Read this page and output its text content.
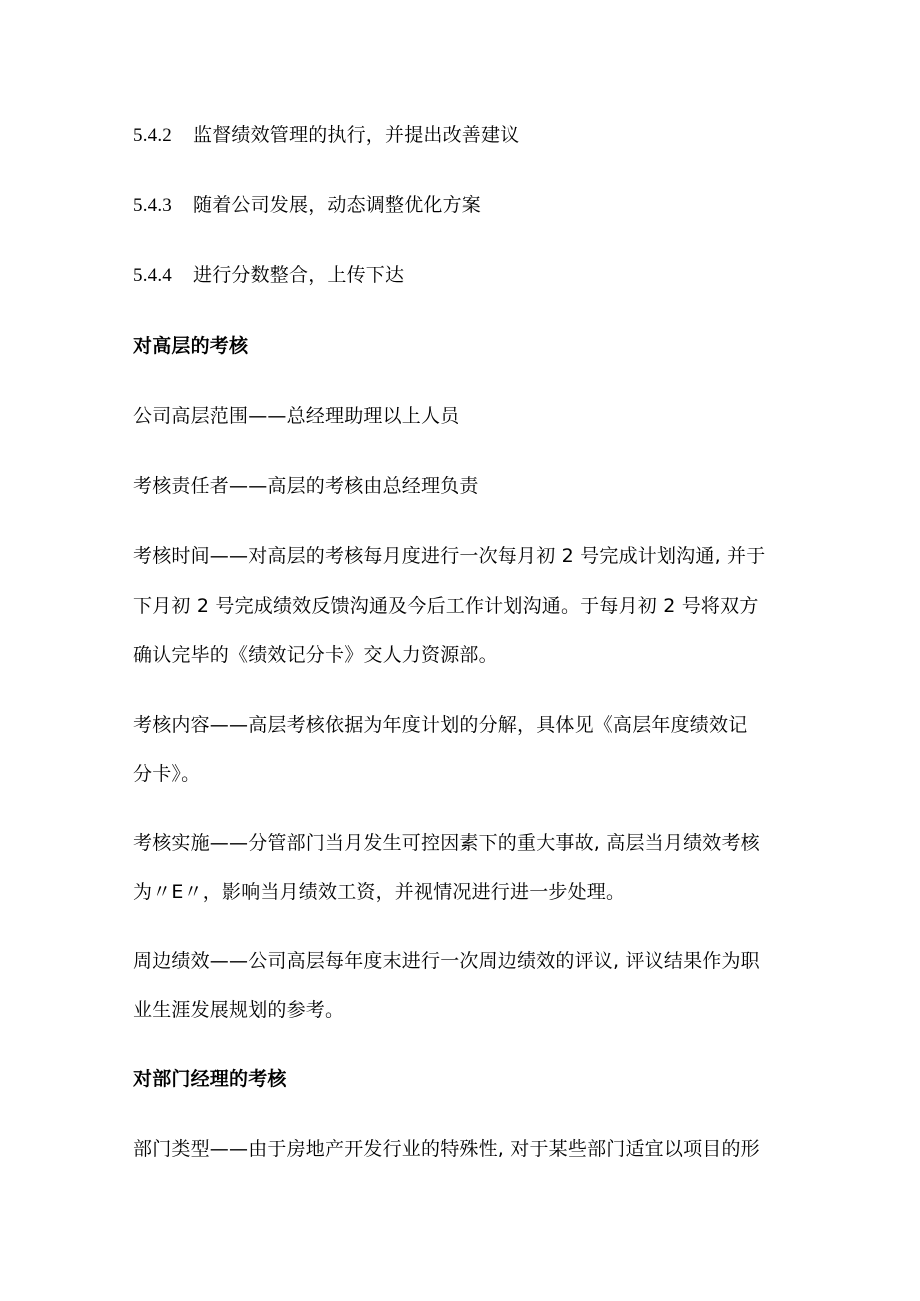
5.4.2 监督绩效管理的执行，并提出改善建议
5.4.3 随着公司发展，动态调整优化方案
5.4.4 进行分数整合，上传下达
对高层的考核
公司高层范围——总经理助理以上人员
考核责任者——高层的考核由总经理负责
考核时间——对高层的考核每月度进行一次每月初 2 号完成计划沟通, 并于
下月初 2 号完成绩效反馈沟通及今后工作计划沟通。于每月初 2 号将双方
确认完毕的《绩效记分卡》交人力资源部。
考核内容——高层考核依据为年度计划的分解，具体见《高层年度绩效记
分卡》。
考核实施——分管部门当月发生可控因素下的重大事故, 高层当月绩效考核
为〃E〃，影响当月绩效工资，并视情况进行进一步处理。
周边绩效——公司高层每年度末进行一次周边绩效的评议, 评议结果作为职
业生涯发展规划的参考。
对部门经理的考核
部门类型——由于房地产开发行业的特殊性, 对于某些部门适宜以项目的形
